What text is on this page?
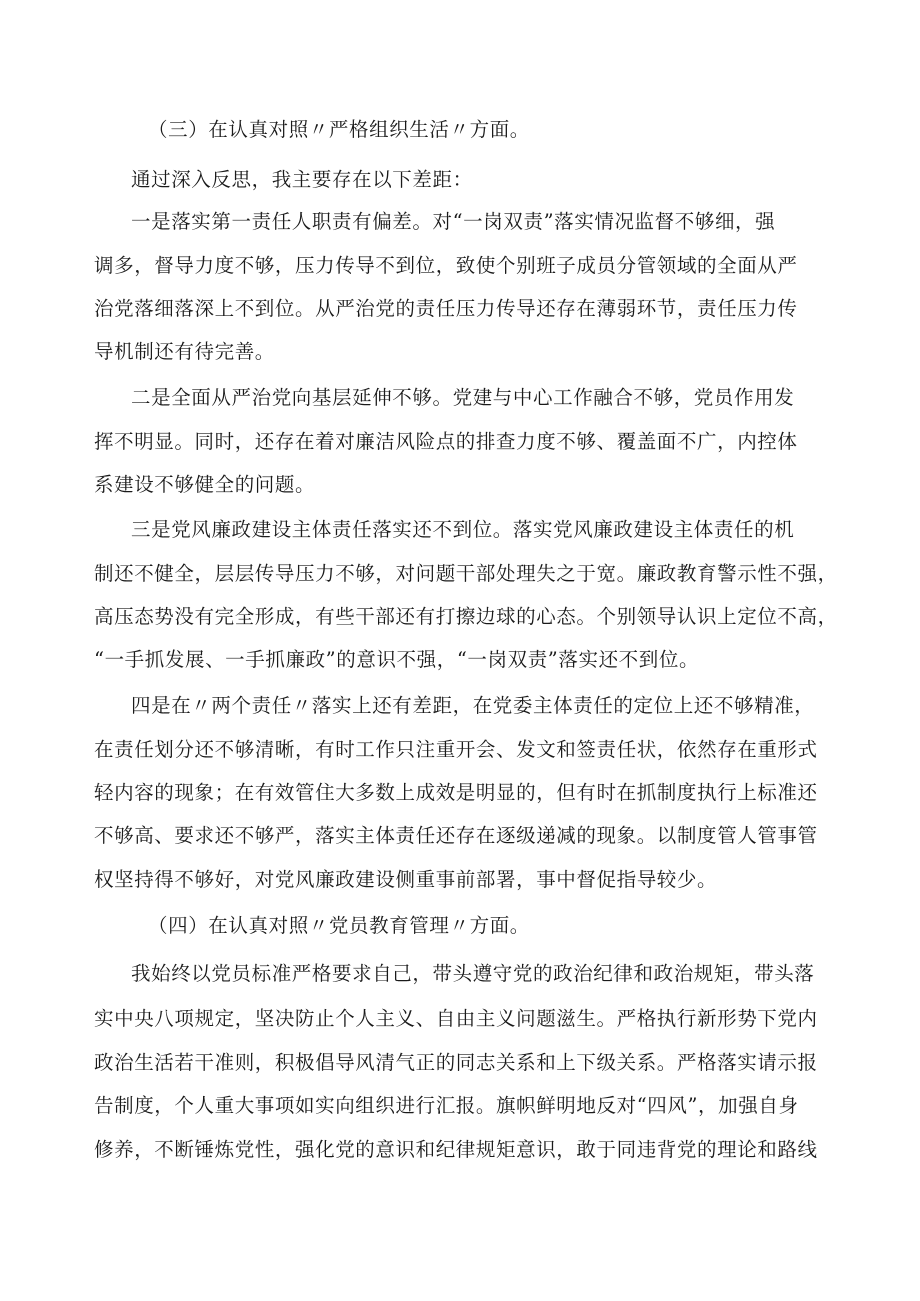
（三）在认真对照〃严格组织生活〃方面。
通过深入反思，我主要存在以下差距：
一是落实第一责任人职责有偏差。对“一岗双责”落实情况监督不够细，强
调多，督导力度不够，压力传导不到位，致使个别班子成员分管领域的全面从严
治党落细落深上不到位。从严治党的责任压力传导还存在薄弱环节，责任压力传
导机制还有待完善。
二是全面从严治党向基层延伸不够。党建与中心工作融合不够，党员作用发
挥不明显。同时，还存在着对廉洁风险点的排查力度不够、覆盖面不广，内控体
系建设不够健全的问题。
三是党风廉政建设主体责任落实还不到位。落实党风廉政建设主体责任的机
制还不健全，层层传导压力不够，对问题干部处理失之于宽。廉政教育警示性不强，
高压态势没有完全形成，有些干部还有打擦边球的心态。个别领导认识上定位不高，
“一手抓发展、一手抓廉政”的意识不强，“一岗双责”落实还不到位。
四是在〃两个责任〃落实上还有差距，在党委主体责任的定位上还不够精准，
在责任划分还不够清晰，有时工作只注重开会、发文和签责任状，依然存在重形式
轻内容的现象；在有效管住大多数上成效是明显的，但有时在抓制度执行上标准还
不够高、要求还不够严，落实主体责任还存在逐级递减的现象。以制度管人管事管
权坚持得不够好，对党风廉政建设侧重事前部署，事中督促指导较少。
（四）在认真对照〃党员教育管理〃方面。
我始终以党员标准严格要求自己，带头遵守党的政治纪律和政治规矩，带头落
实中央八项规定，坚决防止个人主义、自由主义问题滋生。严格执行新形势下党内
政治生活若干准则，积极倡导风清气正的同志关系和上下级关系。严格落实请示报
告制度，个人重大事项如实向组织进行汇报。旗帜鲜明地反对“四风”，加强自身
修养，不断锤炼党性，强化党的意识和纪律规矩意识，敢于同违背党的理论和路线
